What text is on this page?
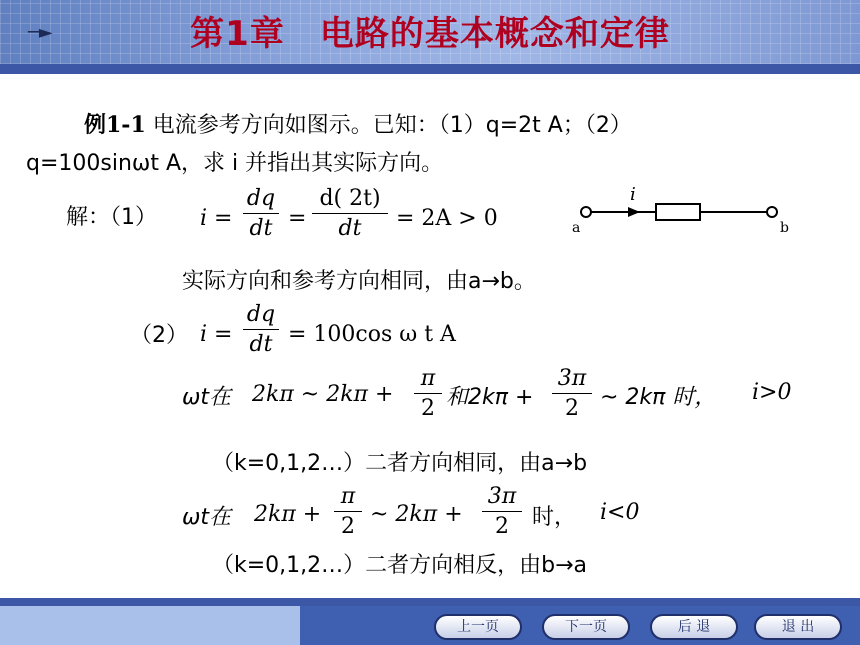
─►	第1章　电路的基本概念和定律
例1-1 电流参考方向如图示。已知：（1）q=2t A；（2）
q=100sinωt A，求 i 并指出其实际方向。
解：（1） i =
dq
dt =
d( 2t)
dt	= 2A > 0
i
a	b
实际方向和参考方向相同，由a→b。
（2） i =
dq
dt = 100cos ω t A
ωt在 2kπ ~ 2kπ +
π
2 和2kπ +
3π
2 ~ 2kπ 时， i>0
（k=0,1,2…）二者方向相同，由a→b
ωt在 2kπ +
π
2 ~ 2kπ +
3π
2	时， i<0
（k=0,1,2…）二者方向相反，由b→a
上一页	下一页	后 退	退 出
